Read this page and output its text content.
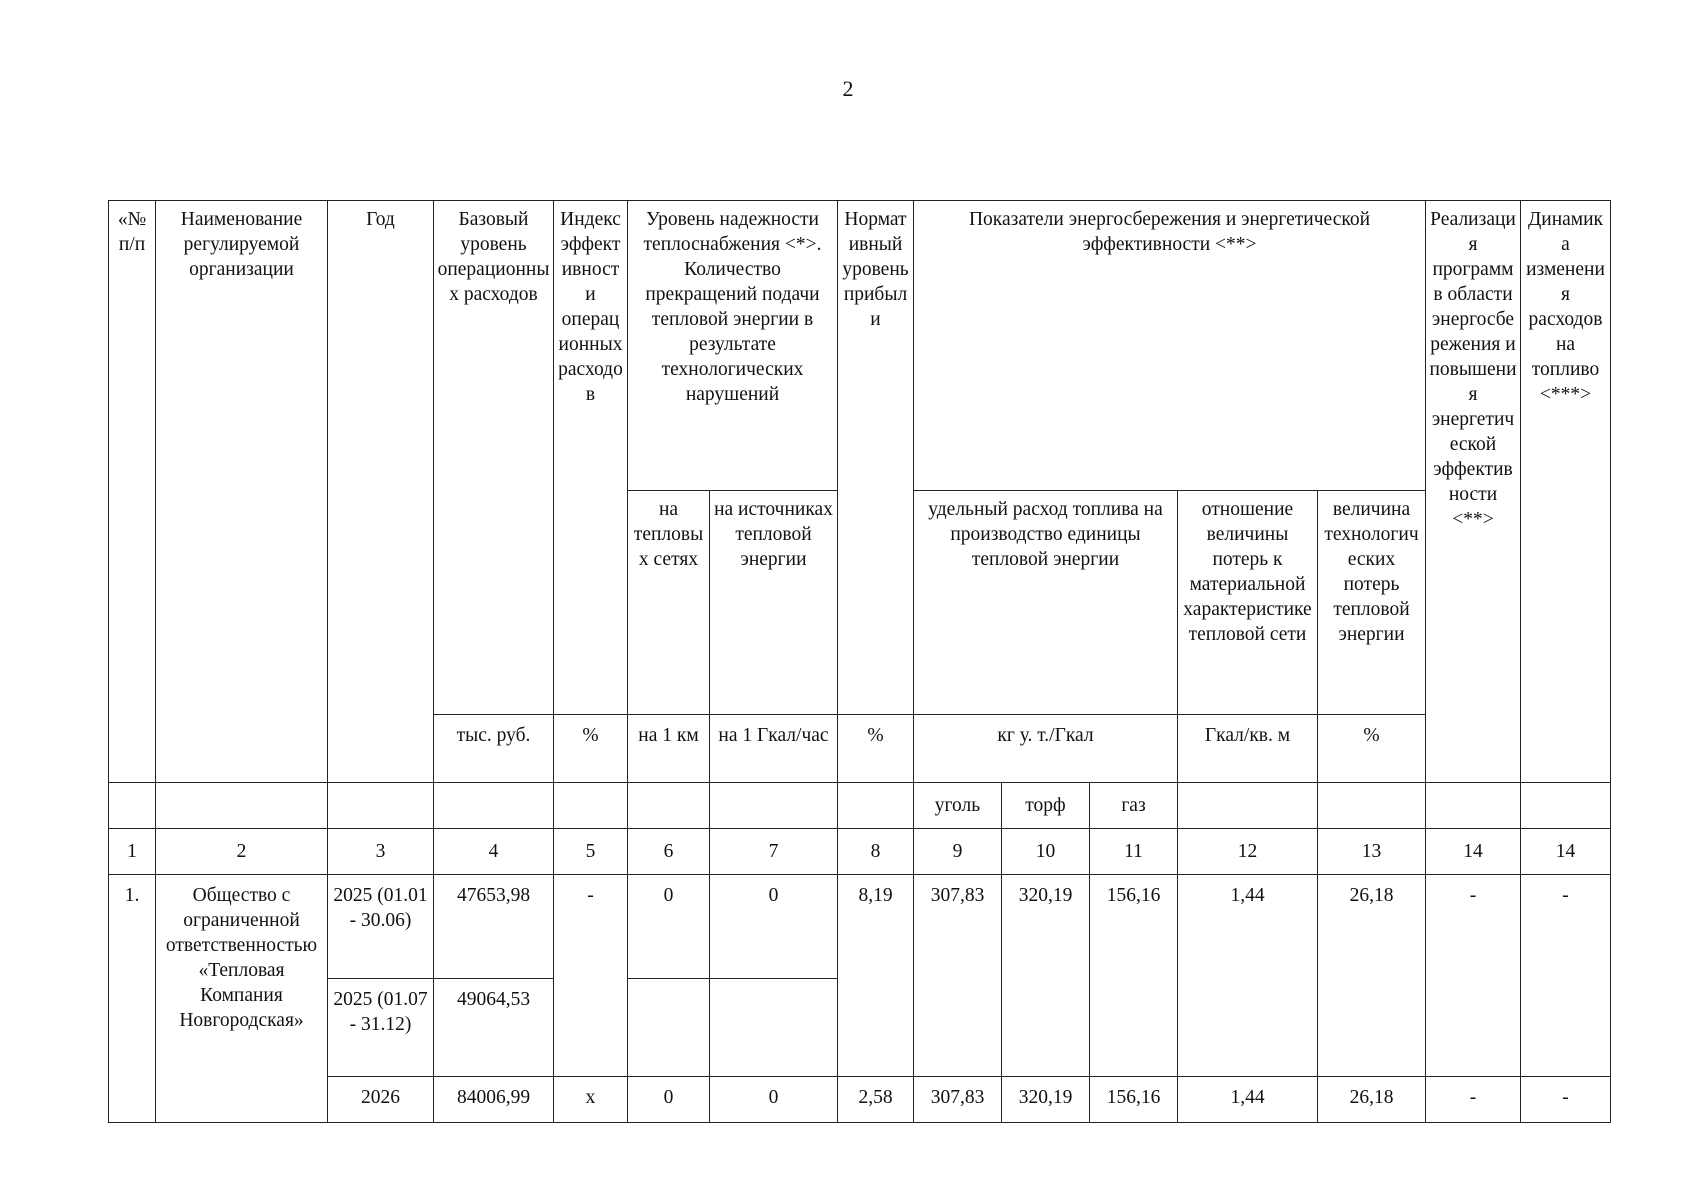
2
«№ п/п	Наименование регулируемой организации	Год	Базовый уровень операционных расходов	Индекс эффективности операционных расходов	Уровень надежности теплоснабжения <*>. Количество прекращений подачи тепловой энергии в результате технологических нарушений		Нормативный уровень прибыли	Показатели энергосбережения и энергетической эффективности <**>					Реализация программ в области энергосбережения и повышения энергетической эффективности <**>	Динамика изменения расходов на топливо <***>
					на тепловых сетях	на источниках тепловой энергии		удельный расход топлива на производство единицы тепловой энергии			отношение величины потерь к материальной характеристике тепловой сети	величина технологических потерь тепловой энергии		
			тыс. руб.	%	на 1 км	на 1 Гкал/час	%	кг у. т./Гкал			Гкал/кв. м	%		
								уголь	торф	газ				
1	2	3	4	5	6	7	8	9	10	11	12	13	14	14
1.	Общество с ограниченной ответственностью «Тепловая Компания Новгородская»	2025 (01.01 - 30.06)	47653,98	-	0	0	8,19	307,83	320,19	156,16	1,44	26,18	-	-
		2025 (01.07 - 31.12)	49064,53											
		2026	84006,99	х	0	0	2,58	307,83	320,19	156,16	1,44	26,18	-	-
